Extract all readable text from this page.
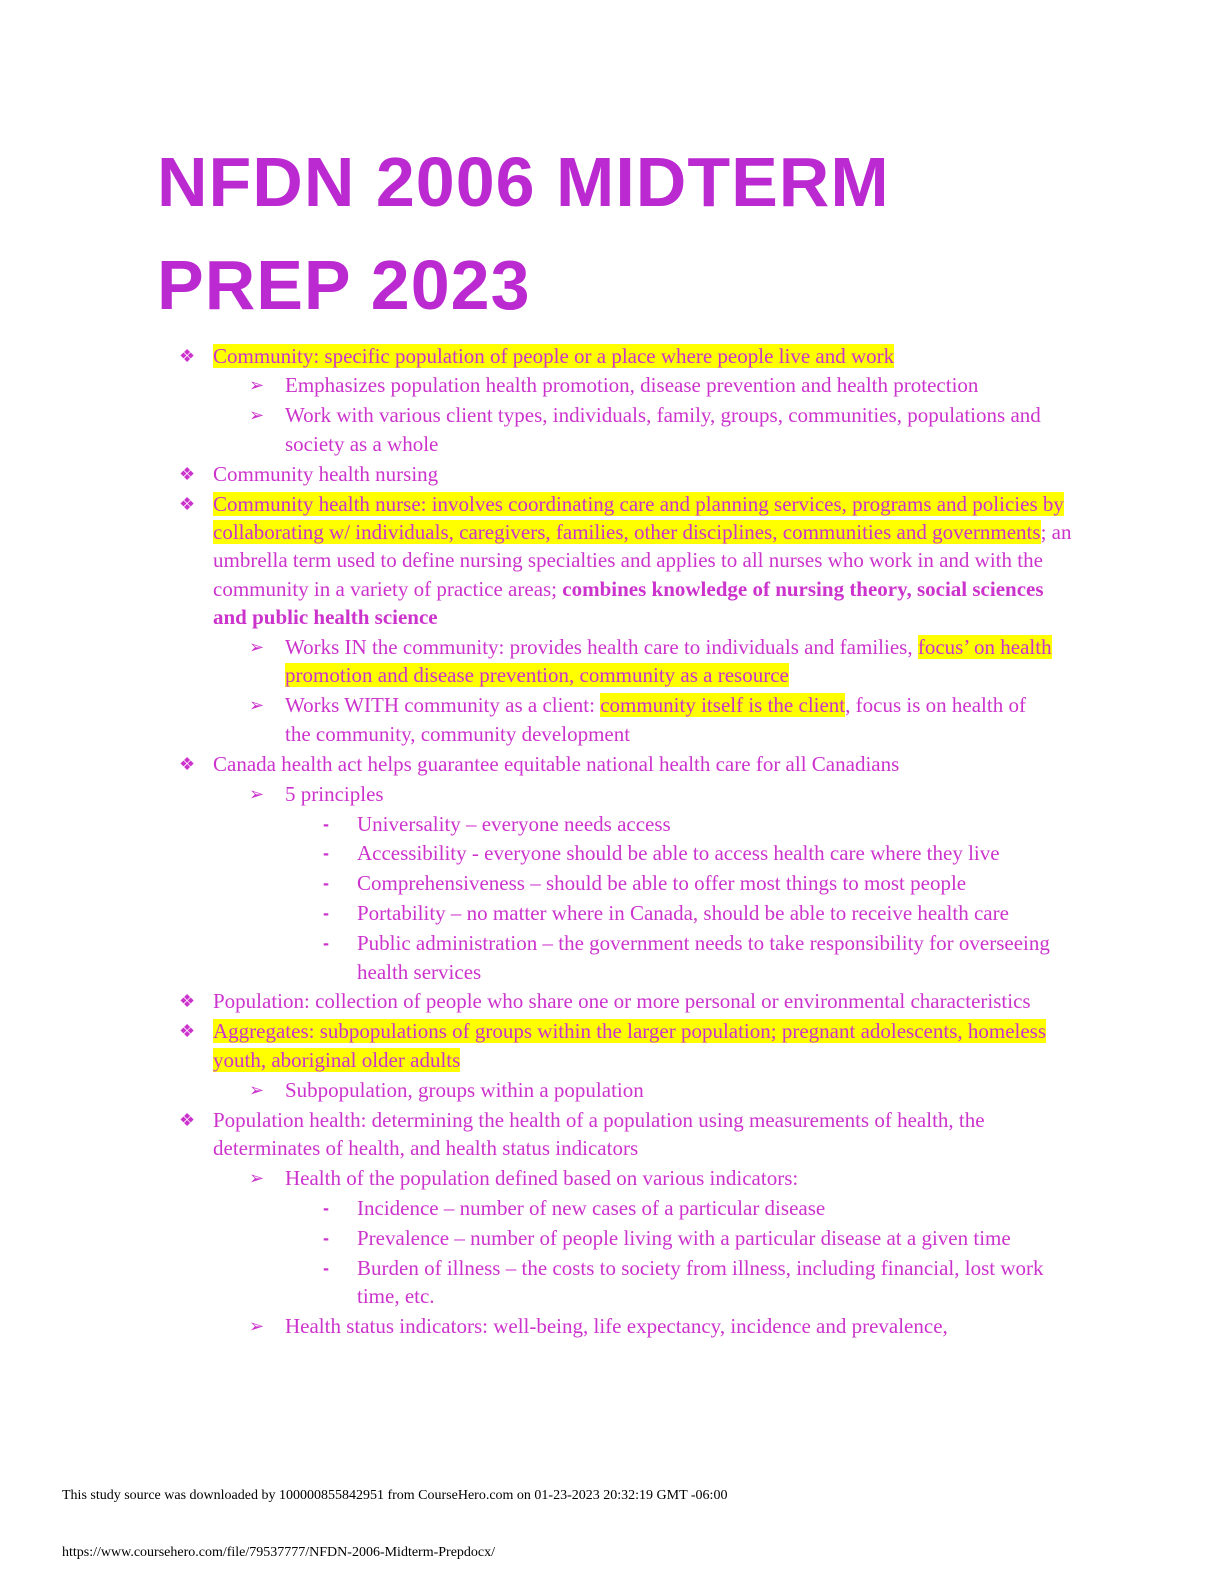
NFDN 2006 MIDTERM
PREP 2023
❖ Community: specific population of people or a place where people live and work
➢ Emphasizes population health promotion, disease prevention and health protection
➢ Work with various client types, individuals, family, groups, communities, populations and society as a whole
❖ Community health nursing
❖ Community health nurse: involves coordinating care and planning services, programs and policies by collaborating w/ individuals, caregivers, families, other disciplines, communities and governments; an umbrella term used to define nursing specialties and applies to all nurses who work in and with the community in a variety of practice areas; combines knowledge of nursing theory, social sciences and public health science
➢ Works IN the community: provides health care to individuals and families, focus’ on health promotion and disease prevention, community as a resource
➢ Works WITH community as a client: community itself is the client, focus is on health of the community, community development
❖ Canada health act helps guarantee equitable national health care for all Canadians
➢ 5 principles
- Universality – everyone needs access
- Accessibility - everyone should be able to access health care where they live
- Comprehensiveness – should be able to offer most things to most people
- Portability – no matter where in Canada, should be able to receive health care
- Public administration – the government needs to take responsibility for overseeing health services
❖ Population: collection of people who share one or more personal or environmental characteristics
❖ Aggregates: subpopulations of groups within the larger population; pregnant adolescents, homeless youth, aboriginal older adults
➢ Subpopulation, groups within a population
❖ Population health: determining the health of a population using measurements of health, the determinates of health, and health status indicators
➢ Health of the population defined based on various indicators:
- Incidence – number of new cases of a particular disease
- Prevalence – number of people living with a particular disease at a given time
- Burden of illness – the costs to society from illness, including financial, lost work time, etc.
➢ Health status indicators: well-being, life expectancy, incidence and prevalence,

This study source was downloaded by 100000855842951 from CourseHero.com on 01-23-2023 20:32:19 GMT -06:00

https://www.coursehero.com/file/79537777/NFDN-2006-Midterm-Prepdocx/
